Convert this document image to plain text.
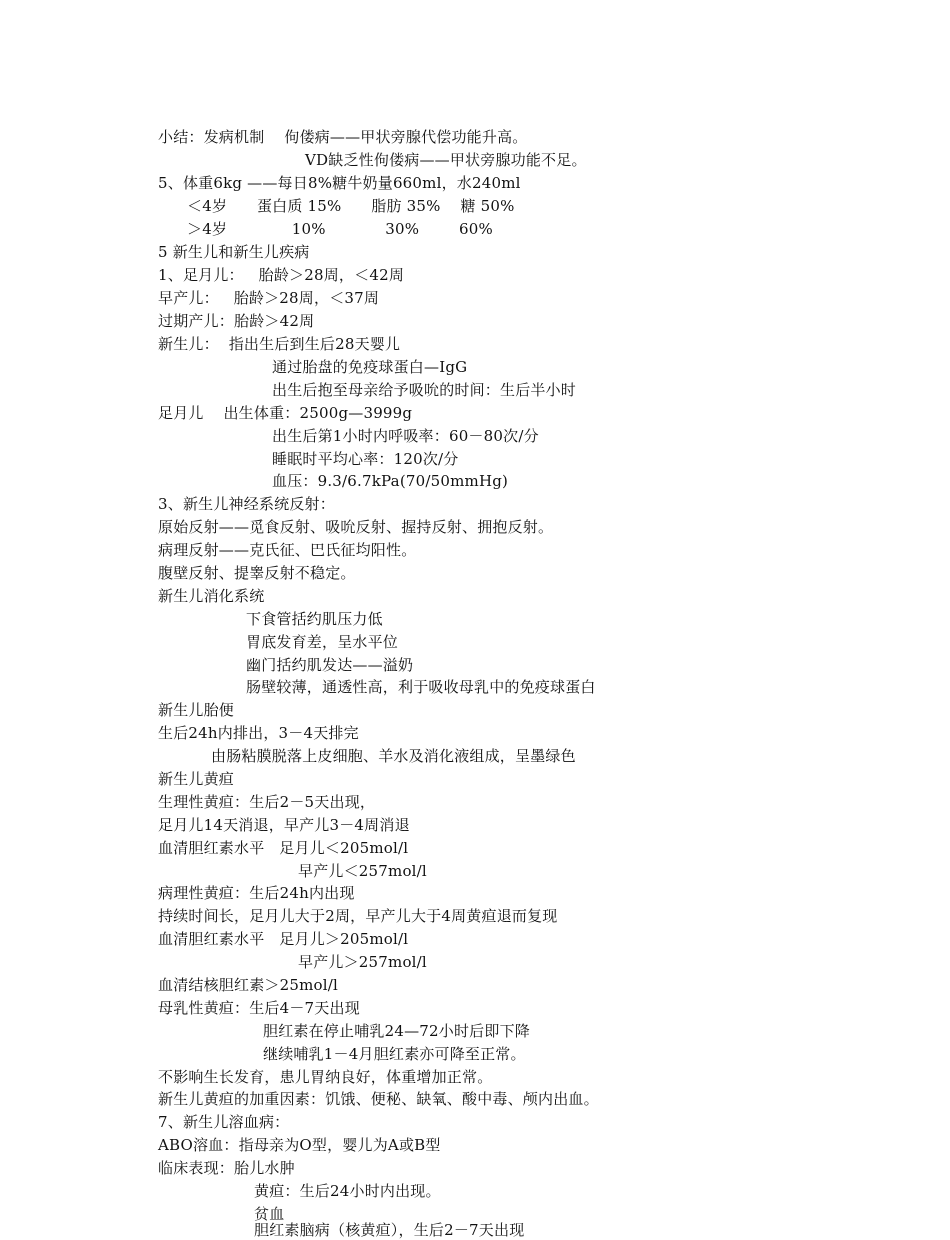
小结：发病机制    佝偻病——甲状旁腺代偿功能升高。
VD缺乏性佝偻病——甲状旁腺功能不足。
5、体重6kg ——每日8%糖牛奶量660ml，水240ml
＜4岁      蛋白质 15%      脂肪 35%    糖 50%
＞4岁             10%            30%        60%
5 新生儿和新生儿疾病
1、足月儿：   胎龄＞28周，＜42周
早产儿：   胎龄＞28周，＜37周
过期产儿：胎龄＞42周
新生儿：  指出生后到生后28天婴儿
通过胎盘的免疫球蛋白—IgG
出生后抱至母亲给予吸吮的时间：生后半小时
足月儿    出生体重：2500g—3999g
出生后第1小时内呼吸率：60－80次/分
睡眠时平均心率：120次/分
血压：9.3/6.7kPa(70/50mmHg)
3、新生儿神经系统反射：
原始反射——觅食反射、吸吮反射、握持反射、拥抱反射。
病理反射——克氏征、巴氏征均阳性。
腹壁反射、提睾反射不稳定。
新生儿消化系统
下食管括约肌压力低
胃底发育差，呈水平位
幽门括约肌发达——溢奶
肠壁较薄，通透性高，利于吸收母乳中的免疫球蛋白
新生儿胎便
生后24h内排出，3－4天排完
由肠粘膜脱落上皮细胞、羊水及消化液组成，呈墨绿色
新生儿黄疸
生理性黄疸：生后2－5天出现，
足月儿14天消退，早产儿3－4周消退
血清胆红素水平   足月儿＜205mol/l
早产儿＜257mol/l
病理性黄疸：生后24h内出现
持续时间长，足月儿大于2周，早产儿大于4周黄疸退而复现
血清胆红素水平   足月儿＞205mol/l
早产儿＞257mol/l
血清结核胆红素＞25mol/l
母乳性黄疸：生后4－7天出现
胆红素在停止哺乳24—72小时后即下降
继续哺乳1－4月胆红素亦可降至正常。
不影响生长发育，患儿胃纳良好，体重增加正常。
新生儿黄疸的加重因素：饥饿、便秘、缺氧、酸中毒、颅内出血。
7、新生儿溶血病：
ABO溶血：指母亲为O型，婴儿为A或B型
临床表现：胎儿水肿
黄疸：生后24小时内出现。
贫血
胆红素脑病（核黄疸），生后2－7天出现
